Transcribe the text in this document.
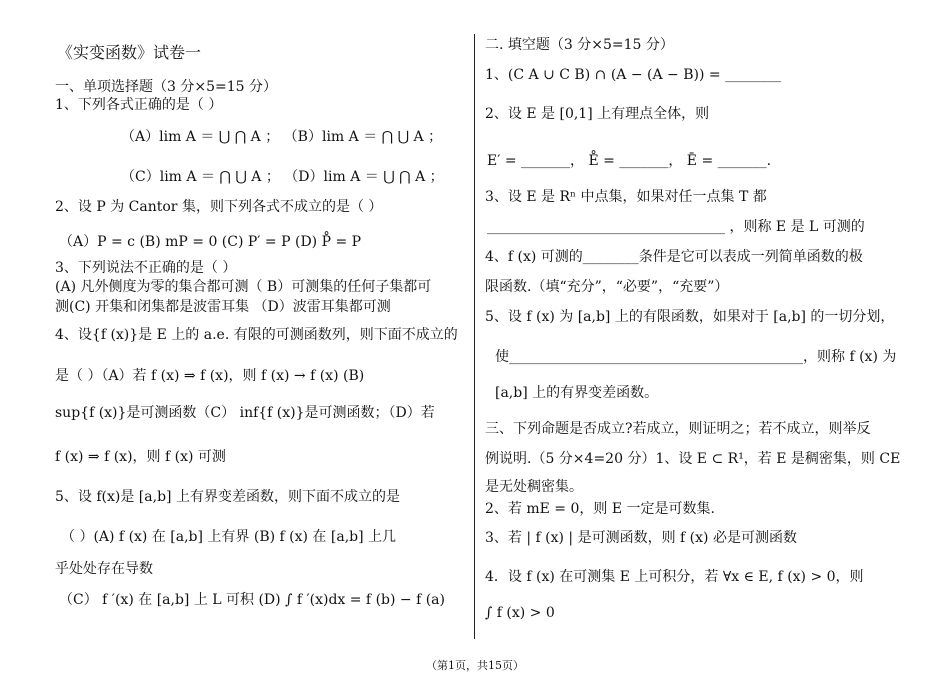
《实变函数》试卷一
一、单项选择题（3 分×5=15 分）
1、下列各式正确的是（ ）
（A）lim A ＝ ⋃ ⋂ A ； （B）lim A ＝ ⋂ ⋃ A ；
（C）lim A ＝ ⋂ ⋃ A ； （D）lim A ＝ ⋃ ⋂ A ；
2、设 P 为 Cantor 集，则下列各式不成立的是（ ）
（A）P = c (B) mP = 0 (C) P′ = P (D) P̊ = P
3、下列说法不正确的是（ ）
(A) 凡外侧度为零的集合都可测（ B）可测集的任何子集都可
测(C) 开集和闭集都是波雷耳集 （D）波雷耳集都可测
4、设{f (x)}是 E 上的 a.e. 有限的可测函数列，则下面不成立的
是（ ）（A）若 f (x) ⇒ f (x)，则 f (x) → f (x) (B)
sup{f (x)}是可测函数（C） inf{f (x)}是可测函数；（D）若
f (x) ⇒ f (x)，则 f (x) 可测
5、设 f(x)是 [a,b] 上有界变差函数，则下面不成立的是
（ ）(A) f (x) 在 [a,b] 上有界 (B) f (x) 在 [a,b] 上几
乎处处存在导数
（C） f ′(x) 在 [a,b] 上 L 可积 (D) ∫ f ′(x)dx = f (b) − f (a)
二. 填空题（3 分×5=15 分）
1、(C A ∪ C B) ∩ (A − (A − B)) = ________
2、设 E 是 [0,1] 上有理点全体，则
E′ = _______， E̊ = _______， Ē = _______.
3、设 E 是 Rⁿ 中点集，如果对任一点集 T 都
__________________________________ ，则称 E 是 L 可测的
4、f (x) 可测的________条件是它可以表成一列简单函数的极
限函数.（填“充分”，“必要”，“充要”）
5、设 f (x) 为 [a,b] 上的有限函数，如果对于 [a,b] 的一切分划，
使__________________________________________，则称 f (x) 为
[a,b] 上的有界变差函数。
三、下列命题是否成立?若成立，则证明之；若不成立，则举反
例说明.（5 分×4=20 分）1、设 E ⊂ R¹，若 E 是稠密集，则 CE
是无处稠密集。
2、若 mE = 0，则 E 一定是可数集.
3、若 | f (x) | 是可测函数，则 f (x) 必是可测函数
4．设 f (x) 在可测集 E 上可积分，若 ∀x ∈ E, f (x) > 0，则
∫ f (x) > 0
（第1页，共15页）
